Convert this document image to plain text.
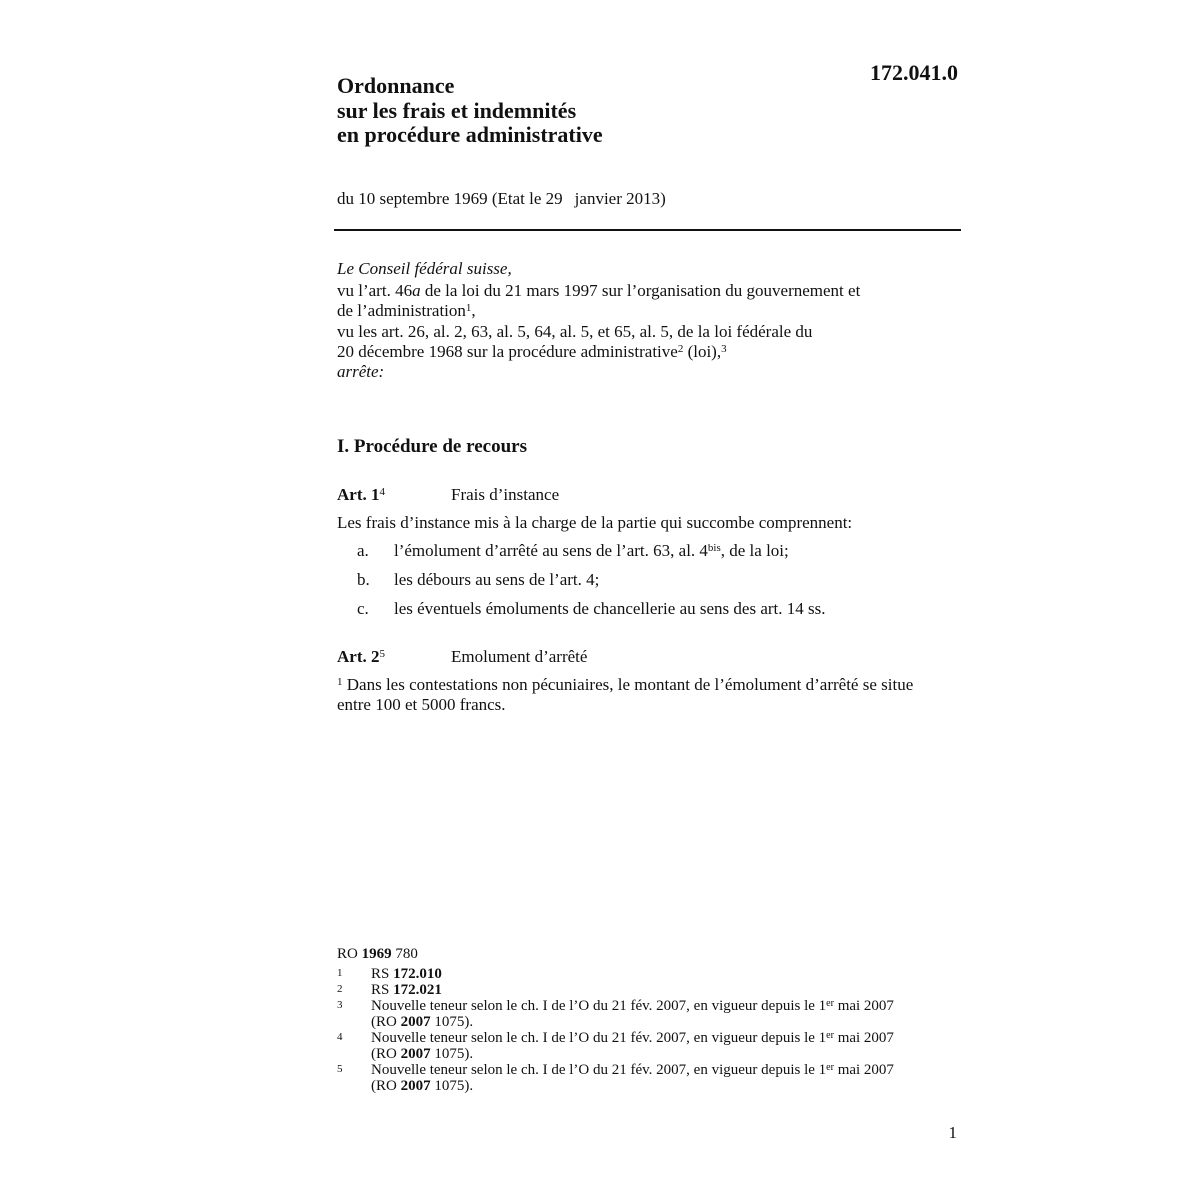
172.041.0
Ordonnance
sur les frais et indemnités
en procédure administrative
du 10 septembre 1969 (Etat le 29 janvier 2013)
Le Conseil fédéral suisse,
vu l’art. 46a de la loi du 21 mars 1997 sur l’organisation du gouvernement et
de l’administration$^1$,
vu les art. 26, al. 2, 63, al. 5, 64, al. 5, et 65, al. 5, de la loi fédérale du
20 décembre 1968 sur la procédure administrative$^2$ (loi),$^3$
arrête:
I. Procédure de recours
Art. $1^4$	Frais d’instance
Les frais d’instance mis à la charge de la partie qui succombe comprennent:
a.	l’émolument d’arrêté au sens de l’art. 63, al. $4^{bis}$, de la loi;
b.	les débours au sens de l’art. 4;
c.	les éventuels émoluments de chancellerie au sens des art. 14 ss.
Art. $2^5$	Emolument d’arrêté
$^1$ Dans les contestations non pécuniaires, le montant de l’émolument d’arrêté se situe
entre 100 et 5000 francs.
RO 1969 780
1	RS 172.010
2	RS 172.021
3	Nouvelle teneur selon le ch. I de l’O du 21 fév. 2007, en vigueur depuis le 1er mai 2007
(RO 2007 1075).
4	Nouvelle teneur selon le ch. I de l’O du 21 fév. 2007, en vigueur depuis le 1er mai 2007
(RO 2007 1075).
5	Nouvelle teneur selon le ch. I de l’O du 21 fév. 2007, en vigueur depuis le 1er mai 2007
(RO 2007 1075).
1
